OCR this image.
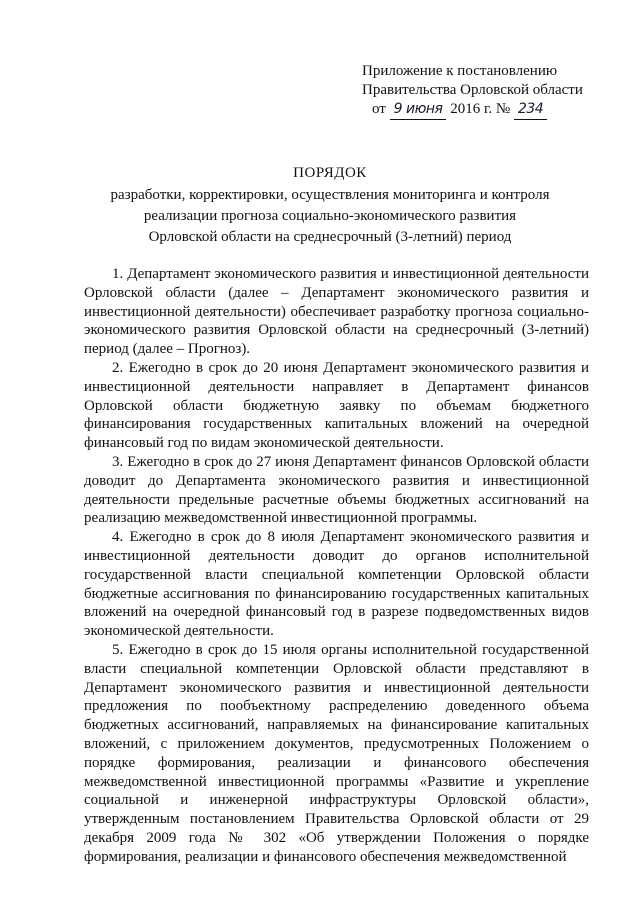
Приложение к постановлению
Правительства Орловской области
от 9 июня 2016 г. № 234
ПОРЯДОК
разработки, корректировки, осуществления мониторинга и контроля
реализации прогноза социально-экономического развития
Орловской области на среднесрочный (3-летний) период

1. Департамент экономического развития и инвестиционной деятельности Орловской области (далее – Департамент экономического развития и инвестиционной деятельности) обеспечивает разработку прогноза социально-экономического развития Орловской области на среднесрочный (3-летний) период (далее – Прогноз).

2. Ежегодно в срок до 20 июня Департамент экономического развития и инвестиционной деятельности направляет в Департамент финансов Орловской области бюджетную заявку по объемам бюджетного финансирования государственных капитальных вложений на очередной финансовый год по видам экономической деятельности.

3. Ежегодно в срок до 27 июня Департамент финансов Орловской области доводит до Департамента экономического развития и инвестиционной деятельности предельные расчетные объемы бюджетных ассигнований на реализацию межведомственной инвестиционной программы.

4. Ежегодно в срок до 8 июля Департамент экономического развития и инвестиционной деятельности доводит до органов исполнительной государственной власти специальной компетенции Орловской области бюджетные ассигнования по финансированию государственных капитальных вложений на очередной финансовый год в разрезе подведомственных видов экономической деятельности.

5. Ежегодно в срок до 15 июля органы исполнительной государственной власти специальной компетенции Орловской области представляют в Департамент экономического развития и инвестиционной деятельности предложения по пообъектному распределению доведенного объема бюджетных ассигнований, направляемых на финансирование капитальных вложений, с приложением документов, предусмотренных Положением о порядке формирования, реализации и финансового обеспечения межведомственной инвестиционной программы «Развитие и укрепление социальной и инженерной инфраструктуры Орловской области», утвержденным постановлением Правительства Орловской области от 29 декабря 2009 года № 302 «Об утверждении Положения о порядке формирования, реализации и финансового обеспечения межведомственной
